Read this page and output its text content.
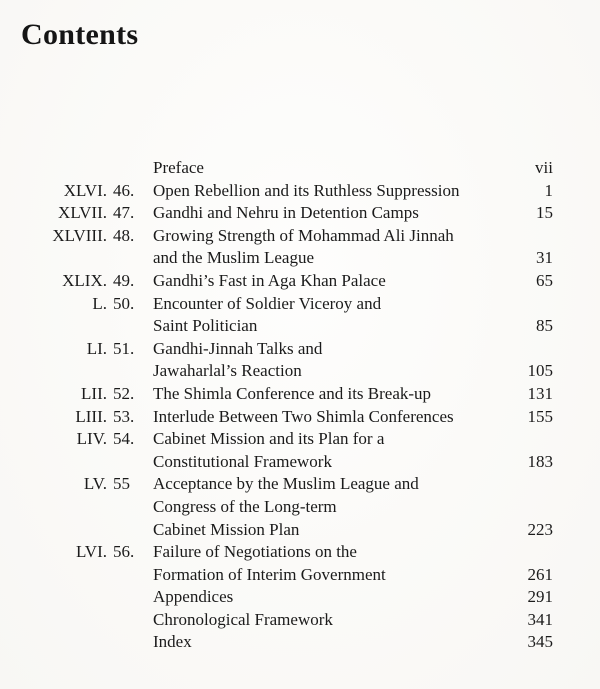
Contents
Preface	vii
XLVI. 46.	Open Rebellion and its Ruthless Suppression	1
XLVII. 47.	Gandhi and Nehru in Detention Camps	15
XLVIII. 48.	Growing Strength of Mohammad Ali Jinnah
and the Muslim League	31
XLIX. 49.	Gandhi’s Fast in Aga Khan Palace	65
L. 50.	Encounter of Soldier Viceroy and
Saint Politician	85
LI. 51.	Gandhi-Jinnah Talks and
Jawaharlal’s Reaction	105
LII. 52.	The Shimla Conference and its Break-up	131
LIII. 53.	Interlude Between Two Shimla Conferences	155
LIV. 54.	Cabinet Mission and its Plan for a
Constitutional Framework	183
LV. 55	Acceptance by the Muslim League and
Congress of the Long-term
Cabinet Mission Plan	223
LVI. 56.	Failure of Negotiations on the
Formation of Interim Government	261
Appendices	291
Chronological Framework	341
Index	345
